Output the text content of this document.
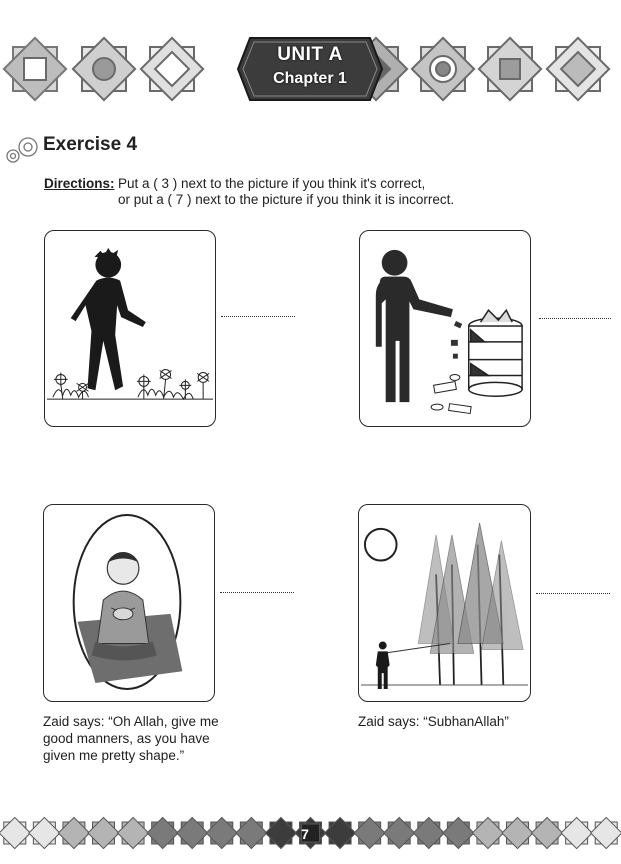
UNIT A
Chapter 1
Exercise 4
Directions: Put a ( 3 ) next to the picture if you think it's correct,
or put a ( 7 ) next to the picture if you think it is incorrect.
Zaid says: “Oh Allah, give me good manners, as you have given me pretty shape.”
Zaid says: “SubhanAllah”
7
